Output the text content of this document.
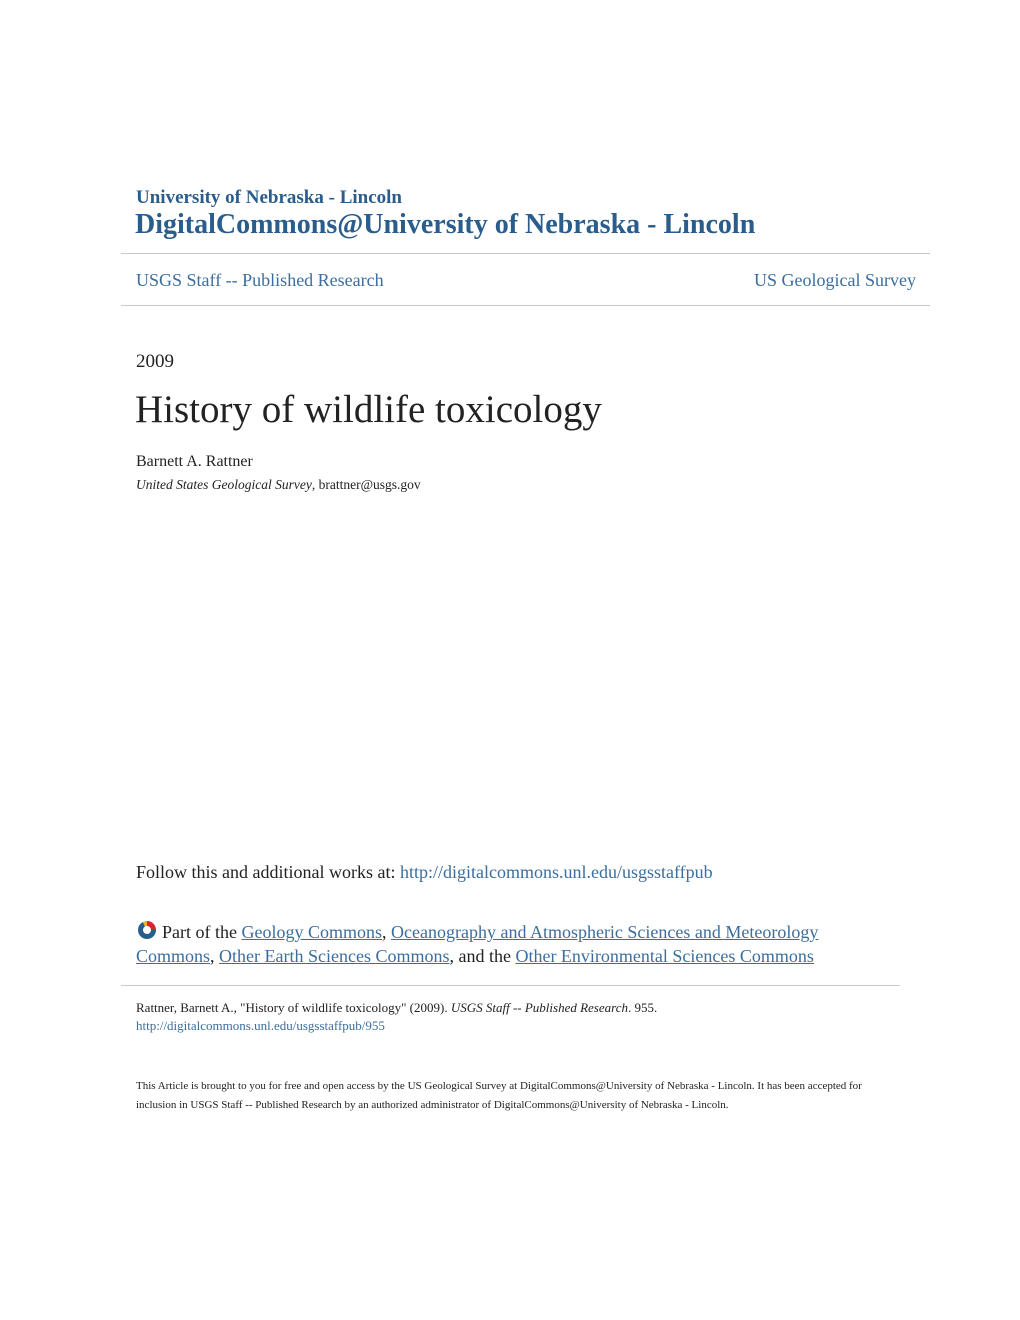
University of Nebraska - Lincoln
DigitalCommons@University of Nebraska - Lincoln
USGS Staff -- Published Research	US Geological Survey
2009
History of wildlife toxicology
Barnett A. Rattner
United States Geological Survey, brattner@usgs.gov
Follow this and additional works at: http://digitalcommons.unl.edu/usgsstaffpub
Part of the Geology Commons, Oceanography and Atmospheric Sciences and Meteorology Commons, Other Earth Sciences Commons, and the Other Environmental Sciences Commons
Rattner, Barnett A., "History of wildlife toxicology" (2009). USGS Staff -- Published Research. 955.
http://digitalcommons.unl.edu/usgsstaffpub/955
This Article is brought to you for free and open access by the US Geological Survey at DigitalCommons@University of Nebraska - Lincoln. It has been accepted for inclusion in USGS Staff -- Published Research by an authorized administrator of DigitalCommons@University of Nebraska - Lincoln.
